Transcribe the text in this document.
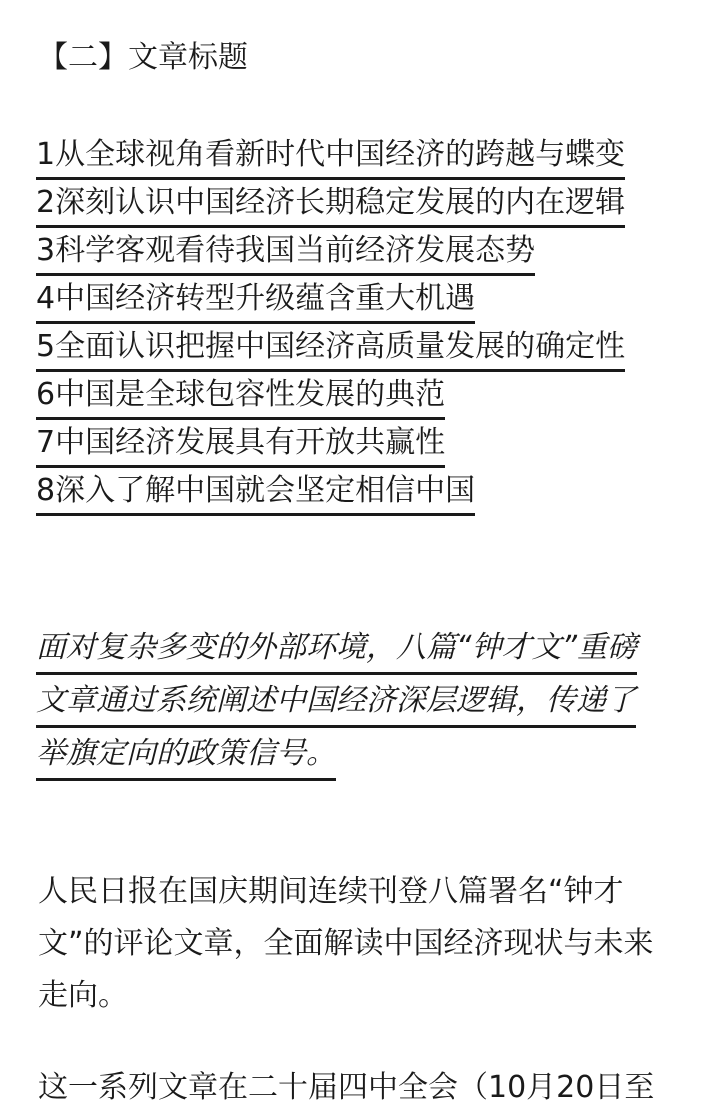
【二】文章标题
1从全球视角看新时代中国经济的跨越与蝶变
2深刻认识中国经济长期稳定发展的内在逻辑
3科学客观看待我国当前经济发展态势
4中国经济转型升级蕴含重大机遇
5全面认识把握中国经济高质量发展的确定性
6中国是全球包容性发展的典范
7中国经济发展具有开放共赢性
8深入了解中国就会坚定相信中国
面对复杂多变的外部环境，八篇“钟才文”重磅
文章通过系统阐述中国经济深层逻辑，传递了
举旗定向的政策信号。

人民日报在国庆期间连续刊登八篇署名“钟才
文”的评论文章，全面解读中国经济现状与未来
走向。

这一系列文章在二十届四中全会（10月20日至
